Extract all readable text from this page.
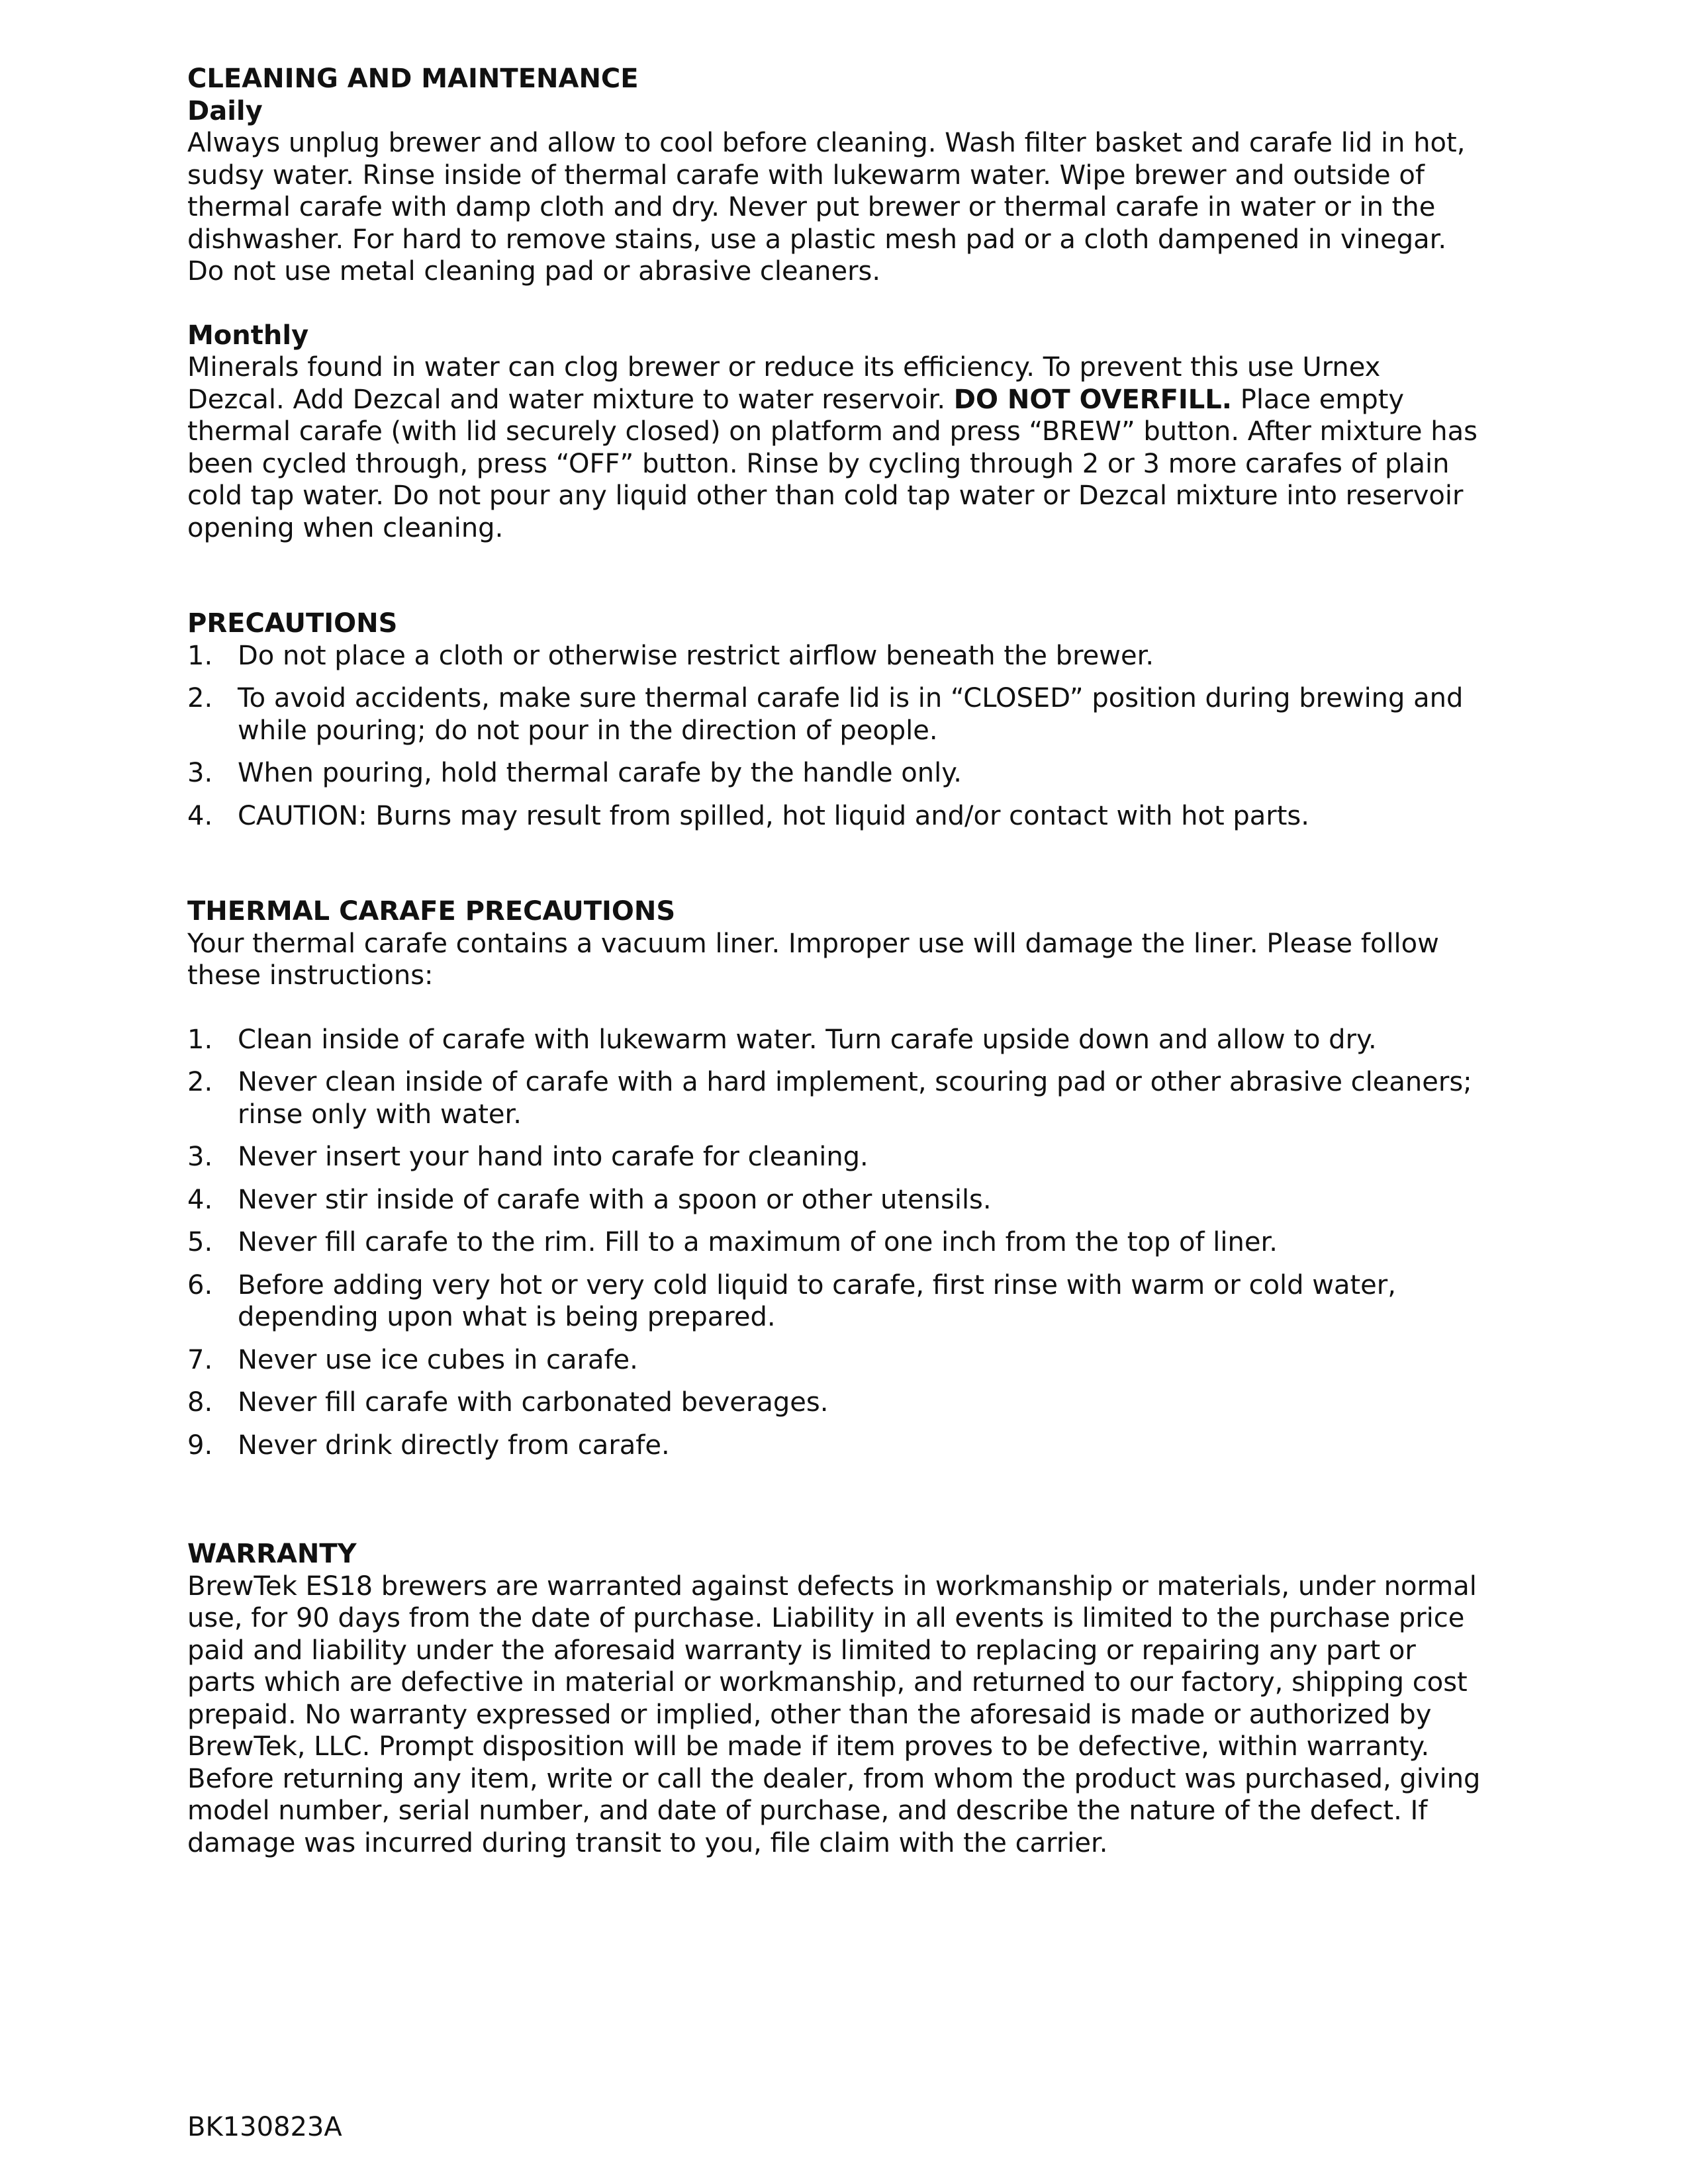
CLEANING AND MAINTENANCE
Daily

Always unplug brewer and allow to cool before cleaning. Wash filter basket and carafe lid in hot, sudsy water. Rinse inside of thermal carafe with lukewarm water. Wipe brewer and outside of thermal carafe with damp cloth and dry. Never put brewer or thermal carafe in water or in the dishwasher. For hard to remove stains, use a plastic mesh pad or a cloth dampened in vinegar. Do not use metal cleaning pad or abrasive cleaners.

Monthly

Minerals found in water can clog brewer or reduce its efficiency. To prevent this use Urnex Dezcal. Add Dezcal and water mixture to water reservoir. DO NOT OVERFILL. Place empty thermal carafe (with lid securely closed) on platform and press “BREW” button. After mixture has been cycled through, press “OFF” button. Rinse by cycling through 2 or 3 more carafes of plain cold tap water. Do not pour any liquid other than cold tap water or Dezcal mixture into reservoir opening when cleaning.

PRECAUTIONS
1. Do not place a cloth or otherwise restrict airflow beneath the brewer.
2. To avoid accidents, make sure thermal carafe lid is in “CLOSED” position during brewing and while pouring; do not pour in the direction of people.
3. When pouring, hold thermal carafe by the handle only.
4. CAUTION: Burns may result from spilled, hot liquid and/or contact with hot parts.
THERMAL CARAFE PRECAUTIONS

Your thermal carafe contains a vacuum liner. Improper use will damage the liner. Please follow these instructions:

1. Clean inside of carafe with lukewarm water. Turn carafe upside down and allow to dry.
2. Never clean inside of carafe with a hard implement, scouring pad or other abrasive cleaners; rinse only with water.
3. Never insert your hand into carafe for cleaning.
4. Never stir inside of carafe with a spoon or other utensils.
5. Never fill carafe to the rim. Fill to a maximum of one inch from the top of liner.
6. Before adding very hot or very cold liquid to carafe, first rinse with warm or cold water, depending upon what is being prepared.
7. Never use ice cubes in carafe.
8. Never fill carafe with carbonated beverages.
9. Never drink directly from carafe.
WARRANTY

BrewTek ES18 brewers are warranted against defects in workmanship or materials, under normal use, for 90 days from the date of purchase. Liability in all events is limited to the purchase price paid and liability under the aforesaid warranty is limited to replacing or repairing any part or parts which are defective in material or workmanship, and returned to our factory, shipping cost prepaid. No warranty expressed or implied, other than the aforesaid is made or authorized by BrewTek, LLC. Prompt disposition will be made if item proves to be defective, within warranty. Before returning any item, write or call the dealer, from whom the product was purchased, giving model number, serial number, and date of purchase, and describe the nature of the defect. If damage was incurred during transit to you, file claim with the carrier.

BK130823A
